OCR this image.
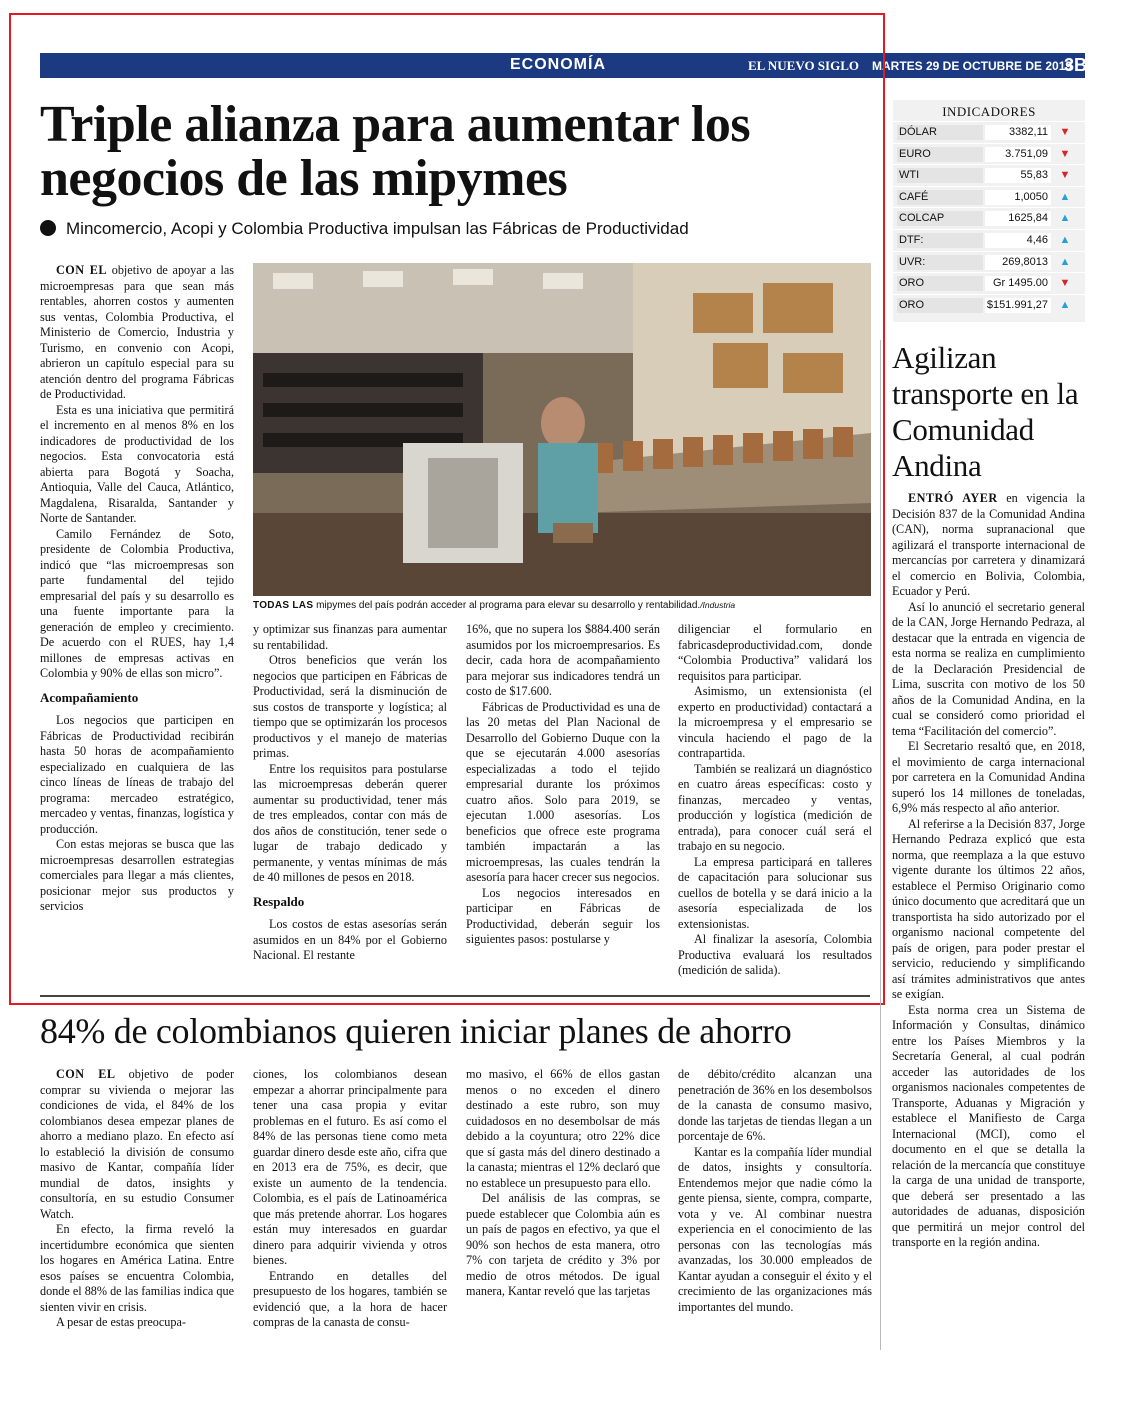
ECONOMÍA	EL NUEVO SIGLO MARTES 29 DE OCTUBRE DE 2019
3B
Triple alianza para aumentar los negocios de las mipymes
Mincomercio, Acopi y Colombia Productiva impulsan las Fábricas de Productividad

CON EL objetivo de apoyar a las microempresas para que sean más rentables, ahorren costos y aumenten sus ventas, Colombia Productiva, el Ministerio de Comercio, Industria y Turismo, en convenio con Acopi, abrieron un capítulo especial para su atención dentro del programa Fábricas de Productividad.

Esta es una iniciativa que permitirá el incremento en al menos 8% en los indicadores de productividad de los negocios. Esta convocatoria está abierta para Bogotá y Soacha, Antioquia, Valle del Cauca, Atlántico, Magdalena, Risaralda, Santander y Norte de Santander.

Camilo Fernández de Soto, presidente de Colombia Productiva, indicó que “las microempresas son parte fundamental del tejido empresarial del país y su desarrollo es una fuente importante para la generación de empleo y crecimiento. De acuerdo con el RUES, hay 1,4 millones de empresas activas en Colombia y 90% de ellas son micro”.

Acompañamiento

Los negocios que participen en Fábricas de Productividad recibirán hasta 50 horas de acompañamiento especializado en cualquiera de las cinco líneas de líneas de trabajo del programa: mercadeo estratégico, mercadeo y ventas, finanzas, logística y producción.

Con estas mejoras se busca que las microempresas desarrollen estrategias comerciales para llegar a más clientes, posicionar mejor sus productos y servicios

TODAS LAS mipymes del país podrán acceder al programa para elevar su desarrollo y rentabilidad./Industria

y optimizar sus finanzas para aumentar su rentabilidad.

Otros beneficios que verán los negocios que participen en Fábricas de Productividad, será la disminución de sus costos de transporte y logística; al tiempo que se optimizarán los procesos productivos y el manejo de materias primas.

Entre los requisitos para postularse las microempresas deberán querer aumentar su productividad, tener más de tres empleados, contar con más de dos años de constitución, tener sede o lugar de trabajo dedicado y permanente, y ventas mínimas de más de 40 millones de pesos en 2018.

Respaldo

Los costos de estas asesorías serán asumidos en un 84% por el Gobierno Nacional. El restante

16%, que no supera los $884.400 serán asumidos por los microempresarios. Es decir, cada hora de acompañamiento para mejorar sus indicadores tendrá un costo de $17.600.

Fábricas de Productividad es una de las 20 metas del Plan Nacional de Desarrollo del Gobierno Duque con la que se ejecutarán 4.000 asesorías especializadas a todo el tejido empresarial durante los próximos cuatro años. Solo para 2019, se ejecutan 1.000 asesorías. Los beneficios que ofrece este programa también impactarán a las microempresas, las cuales tendrán la asesoría para hacer crecer sus negocios.

Los negocios interesados en participar en Fábricas de Productividad, deberán seguir los siguientes pasos: postularse y

diligenciar el formulario en fabricasdeproductividad.com, donde “Colombia Productiva” validará los requisitos para participar.

Asimismo, un extensionista (el experto en productividad) contactará a la microempresa y el empresario se vincula haciendo el pago de la contrapartida.

También se realizará un diagnóstico en cuatro áreas específicas: costo y finanzas, mercadeo y ventas, producción y logística (medición de entrada), para conocer cuál será el trabajo en su negocio.

La empresa participará en talleres de capacitación para solucionar sus cuellos de botella y se dará inicio a la asesoría especializada de los extensionistas.

Al finalizar la asesoría, Colombia Productiva evaluará los resultados (medición de salida).

INDICADORES
DÓLAR	3382,11 ▼
EURO	3.751,09 ▼
WTI	55,83 ▼
CAFÉ	1,0050 ▲
COLCAP	1625,84 ▲
DTF:	4,46 ▲
UVR:	269,8013 ▲
ORO	Gr 1495.00 ▼
ORO	$151.991,27 ▲
Agilizan transporte en la Comunidad Andina

ENTRÓ AYER en vigencia la Decisión 837 de la Comunidad Andina (CAN), norma supranacional que agilizará el transporte internacional de mercancías por carretera y dinamizará el comercio en Bolivia, Colombia, Ecuador y Perú.

Así lo anunció el secretario general de la CAN, Jorge Hernando Pedraza, al destacar que la entrada en vigencia de esta norma se realiza en cumplimiento de la Declaración Presidencial de Lima, suscrita con motivo de los 50 años de la Comunidad Andina, en la cual se consideró como prioridad el tema “Facilitación del comercio”.

El Secretario resaltó que, en 2018, el movimiento de carga internacional por carretera en la Comunidad Andina superó los 14 millones de toneladas, 6,9% más respecto al año anterior.

Al referirse a la Decisión 837, Jorge Hernando Pedraza explicó que esta norma, que reemplaza a la que estuvo vigente durante los últimos 22 años, establece el Permiso Originario como único documento que acreditará que un transportista ha sido autorizado por el organismo nacional competente del país de origen, para poder prestar el servicio, reduciendo y simplificando así trámites administrativos que antes se exigían.

Esta norma crea un Sistema de Información y Consultas, dinámico entre los Países Miembros y la Secretaría General, al cual podrán acceder las autoridades de los organismos nacionales competentes de Transporte, Aduanas y Migración y establece el Manifiesto de Carga Internacional (MCI), como el documento en el que se detalla la relación de la mercancía que constituye la carga de una unidad de transporte, que deberá ser presentado a las autoridades de aduanas, disposición que permitirá un mejor control del transporte en la región andina.

84% de colombianos quieren iniciar planes de ahorro

CON EL objetivo de poder comprar su vivienda o mejorar las condiciones de vida, el 84% de los colombianos desea empezar planes de ahorro a mediano plazo. En efecto así lo estableció la división de consumo masivo de Kantar, compañía líder mundial de datos, insights y consultoría, en su estudio Consumer Watch.

En efecto, la firma reveló la incertidumbre económica que sienten los hogares en América Latina. Entre esos países se encuentra Colombia, donde el 88% de las familias indica que sienten vivir en crisis.

A pesar de estas preocupa-

ciones, los colombianos desean empezar a ahorrar principalmente para tener una casa propia y evitar problemas en el futuro. Es así como el 84% de las personas tiene como meta guardar dinero desde este año, cifra que en 2013 era de 75%, es decir, que existe un aumento de la tendencia. Colombia, es el país de Latinoamérica que más pretende ahorrar. Los hogares están muy interesados en guardar dinero para adquirir vivienda y otros bienes.

Entrando en detalles del presupuesto de los hogares, también se evidenció que, a la hora de hacer compras de la canasta de consu-

mo masivo, el 66% de ellos gastan menos o no exceden el dinero destinado a este rubro, son muy cuidadosos en no desembolsar de más debido a la coyuntura; otro 22% dice que sí gasta más del dinero destinado a la canasta; mientras el 12% declaró que no establece un presupuesto para ello.

Del análisis de las compras, se puede establecer que Colombia aún es un país de pagos en efectivo, ya que el 90% son hechos de esta manera, otro 7% con tarjeta de crédito y 3% por medio de otros métodos. De igual manera, Kantar reveló que las tarjetas

de débito/crédito alcanzan una penetración de 36% en los desembolsos de la canasta de consumo masivo, donde las tarjetas de tiendas llegan a un porcentaje de 6%.

Kantar es la compañía líder mundial de datos, insights y consultoría. Entendemos mejor que nadie cómo la gente piensa, siente, compra, comparte, vota y ve. Al combinar nuestra experiencia en el conocimiento de las personas con las tecnologías más avanzadas, los 30.000 empleados de Kantar ayudan a conseguir el éxito y el crecimiento de las organizaciones más importantes del mundo.
